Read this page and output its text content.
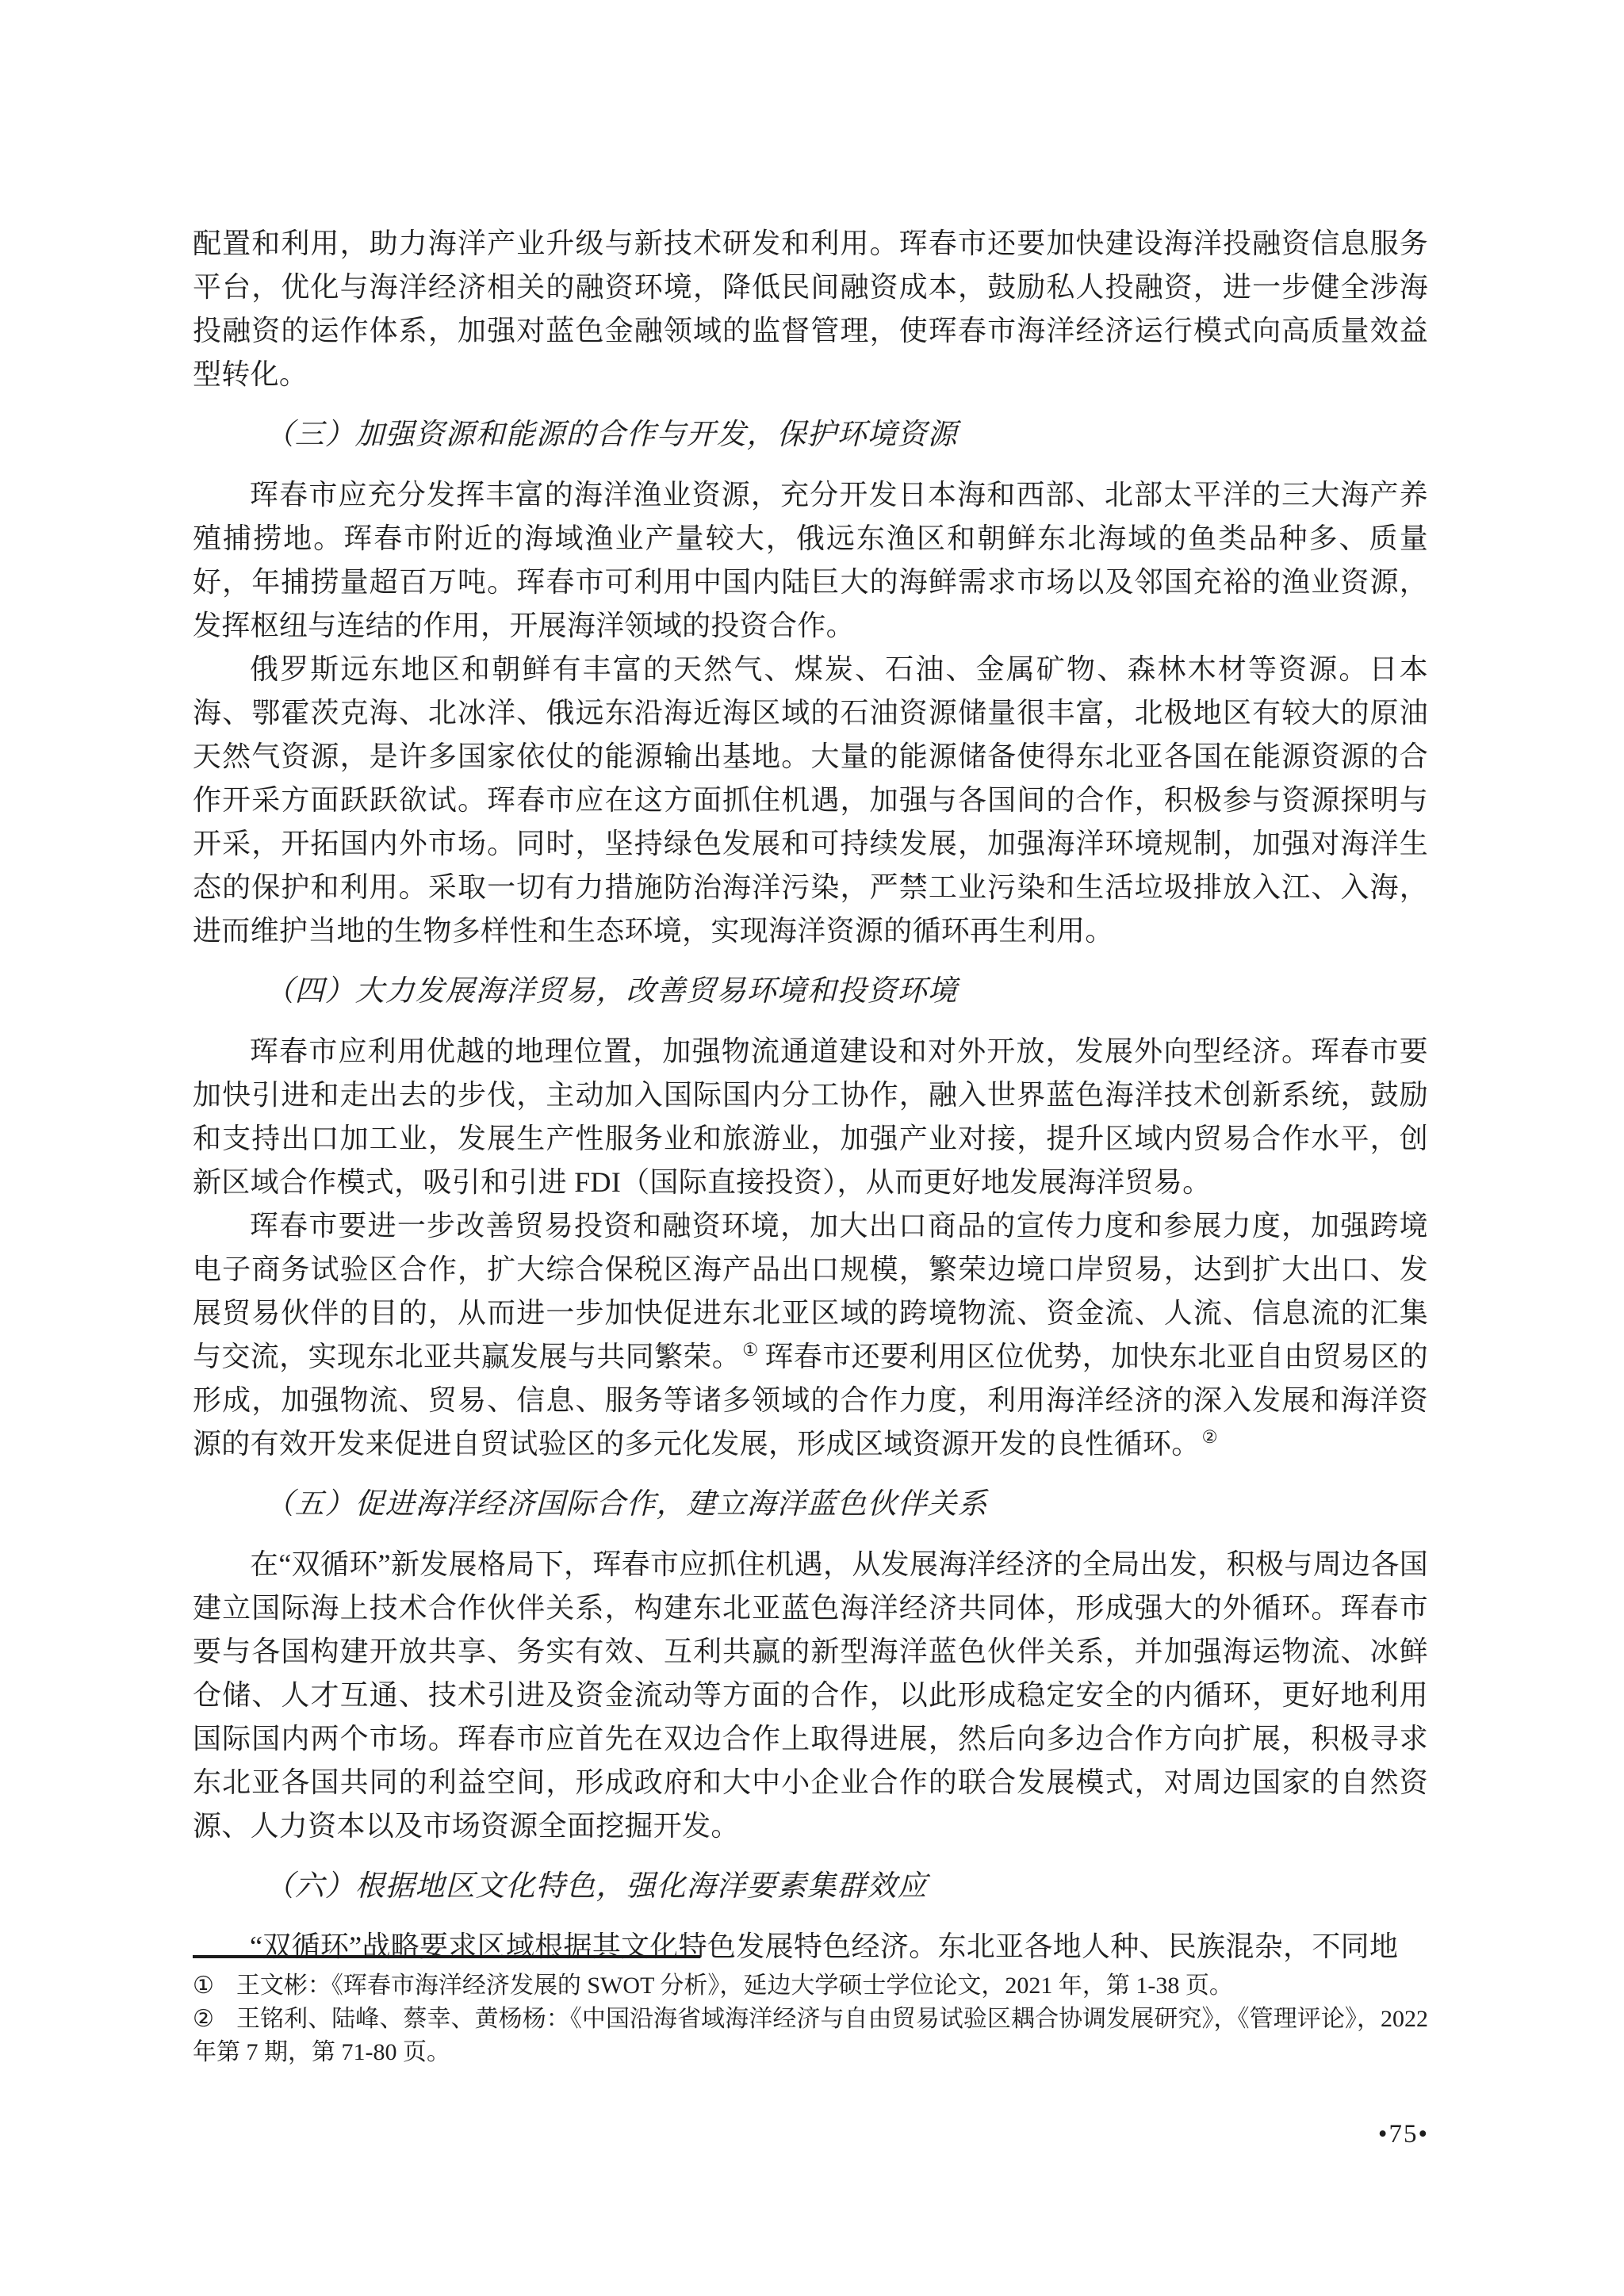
配置和利用，助力海洋产业升级与新技术研发和利用。珲春市还要加快建设海洋投融资信息服务平台，优化与海洋经济相关的融资环境，降低民间融资成本，鼓励私人投融资，进一步健全涉海投融资的运作体系，加强对蓝色金融领域的监督管理，使珲春市海洋经济运行模式向高质量效益型转化。

（三）加强资源和能源的合作与开发，保护环境资源

珲春市应充分发挥丰富的海洋渔业资源，充分开发日本海和西部、北部太平洋的三大海产养殖捕捞地。珲春市附近的海域渔业产量较大，俄远东渔区和朝鲜东北海域的鱼类品种多、质量好，年捕捞量超百万吨。珲春市可利用中国内陆巨大的海鲜需求市场以及邻国充裕的渔业资源，发挥枢纽与连结的作用，开展海洋领域的投资合作。

俄罗斯远东地区和朝鲜有丰富的天然气、煤炭、石油、金属矿物、森林木材等资源。日本海、鄂霍茨克海、北冰洋、俄远东沿海近海区域的石油资源储量很丰富，北极地区有较大的原油天然气资源，是许多国家依仗的能源输出基地。大量的能源储备使得东北亚各国在能源资源的合作开采方面跃跃欲试。珲春市应在这方面抓住机遇，加强与各国间的合作，积极参与资源探明与开采，开拓国内外市场。同时，坚持绿色发展和可持续发展，加强海洋环境规制，加强对海洋生态的保护和利用。采取一切有力措施防治海洋污染，严禁工业污染和生活垃圾排放入江、入海，进而维护当地的生物多样性和生态环境，实现海洋资源的循环再生利用。

（四）大力发展海洋贸易，改善贸易环境和投资环境

珲春市应利用优越的地理位置，加强物流通道建设和对外开放，发展外向型经济。珲春市要加快引进和走出去的步伐，主动加入国际国内分工协作，融入世界蓝色海洋技术创新系统，鼓励和支持出口加工业，发展生产性服务业和旅游业，加强产业对接，提升区域内贸易合作水平，创新区域合作模式，吸引和引进 FDI（国际直接投资），从而更好地发展海洋贸易。

珲春市要进一步改善贸易投资和融资环境，加大出口商品的宣传力度和参展力度，加强跨境电子商务试验区合作，扩大综合保税区海产品出口规模，繁荣边境口岸贸易，达到扩大出口、发展贸易伙伴的目的，从而进一步加快促进东北亚区域的跨境物流、资金流、人流、信息流的汇集与交流，实现东北亚共赢发展与共同繁荣。① 珲春市还要利用区位优势，加快东北亚自由贸易区的形成，加强物流、贸易、信息、服务等诸多领域的合作力度，利用海洋经济的深入发展和海洋资源的有效开发来促进自贸试验区的多元化发展，形成区域资源开发的良性循环。②

（五）促进海洋经济国际合作，建立海洋蓝色伙伴关系

在“双循环”新发展格局下，珲春市应抓住机遇，从发展海洋经济的全局出发，积极与周边各国建立国际海上技术合作伙伴关系，构建东北亚蓝色海洋经济共同体，形成强大的外循环。珲春市要与各国构建开放共享、务实有效、互利共赢的新型海洋蓝色伙伴关系，并加强海运物流、冰鲜仓储、人才互通、技术引进及资金流动等方面的合作，以此形成稳定安全的内循环，更好地利用国际国内两个市场。珲春市应首先在双边合作上取得进展，然后向多边合作方向扩展，积极寻求东北亚各国共同的利益空间，形成政府和大中小企业合作的联合发展模式，对周边国家的自然资源、人力资本以及市场资源全面挖掘开发。

（六）根据地区文化特色，强化海洋要素集群效应

“双循环”战略要求区域根据其文化特色发展特色经济。东北亚各地人种、民族混杂，不同地

① 王文彬：《珲春市海洋经济发展的 SWOT 分析》，延边大学硕士学位论文，2021 年，第 1-38 页。

② 王铭利、陆峰、蔡幸、黄杨杨：《中国沿海省域海洋经济与自由贸易试验区耦合协调发展研究》，《管理评论》，2022 年第 7 期，第 71-80 页。

•75•
